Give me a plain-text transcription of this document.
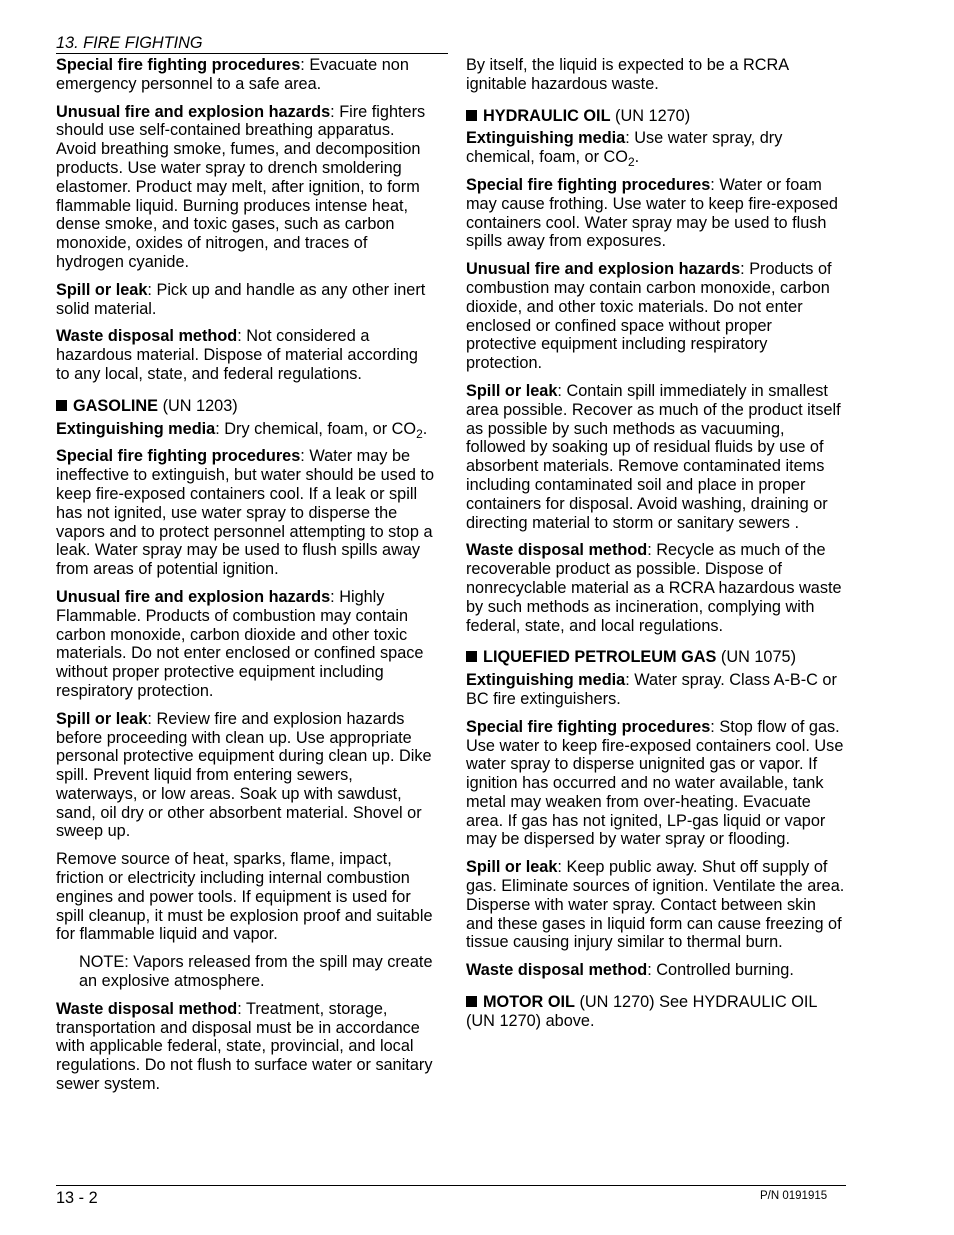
13. FIRE FIGHTING

Special fire fighting procedures: Evacuate non emergency personnel to a safe area.

Unusual fire and explosion hazards: Fire fighters should use self-contained breathing apparatus. Avoid breathing smoke, fumes, and decomposition products. Use water spray to drench smoldering elastomer. Product may melt, after ignition, to form flammable liquid. Burning produces intense heat, dense smoke, and toxic gases, such as carbon monoxide, oxides of nitrogen, and traces of hydrogen cyanide.

Spill or leak: Pick up and handle as any other inert solid material.

Waste disposal method: Not considered a hazardous material. Dispose of material according to any local, state, and federal regulations.

GASOLINE (UN 1203)

Extinguishing media: Dry chemical, foam, or $CO_2$.

Special fire fighting procedures: Water may be ineffective to extinguish, but water should be used to keep fire-exposed containers cool. If a leak or spill has not ignited, use water spray to disperse the vapors and to protect personnel attempting to stop a leak. Water spray may be used to flush spills away from areas of potential ignition.

Unusual fire and explosion hazards: Highly Flammable. Products of combustion may contain carbon monoxide, carbon dioxide and other toxic materials. Do not enter enclosed or confined space without proper protective equipment including respiratory protection.

Spill or leak: Review fire and explosion hazards before proceeding with clean up. Use appropriate personal protective equipment during clean up. Dike spill. Prevent liquid from entering sewers, waterways, or low areas. Soak up with sawdust, sand, oil dry or other absorbent material. Shovel or sweep up.

Remove source of heat, sparks, flame, impact, friction or electricity including internal combustion engines and power tools. If equipment is used for spill cleanup, it must be explosion proof and suitable for flammable liquid and vapor.

NOTE: Vapors released from the spill may create an explosive atmosphere.

Waste disposal method: Treatment, storage, transportation and disposal must be in accordance with applicable federal, state, provincial, and local regulations. Do not flush to surface water or sanitary sewer system.

By itself, the liquid is expected to be a RCRA ignitable hazardous waste.

HYDRAULIC OIL (UN 1270)

Extinguishing media: Use water spray, dry chemical, foam, or $CO_2$.

Special fire fighting procedures: Water or foam may cause frothing. Use water to keep fire-exposed containers cool. Water spray may be used to flush spills away from exposures.

Unusual fire and explosion hazards: Products of combustion may contain carbon monoxide, carbon dioxide, and other toxic materials. Do not enter enclosed or confined space without proper protective equipment including respiratory protection.

Spill or leak: Contain spill immediately in smallest area possible. Recover as much of the product itself as possible by such methods as vacuuming, followed by soaking up of residual fluids by use of absorbent materials. Remove contaminated items including contaminated soil and place in proper containers for disposal. Avoid washing, draining or directing material to storm or sanitary sewers .

Waste disposal method: Recycle as much of the recoverable product as possible. Dispose of nonrecyclable material as a RCRA hazardous waste by such methods as incineration, complying with federal, state, and local regulations.

LIQUEFIED PETROLEUM GAS (UN 1075)

Extinguishing media: Water spray. Class A-B-C or BC fire extinguishers.

Special fire fighting procedures: Stop flow of gas. Use water to keep fire-exposed containers cool. Use water spray to disperse unignited gas or vapor. If ignition has occurred and no water available, tank metal may weaken from over-heating. Evacuate area. If gas has not ignited, LP-gas liquid or vapor may be dispersed by water spray or flooding.

Spill or leak: Keep public away. Shut off supply of gas. Eliminate sources of ignition. Ventilate the area. Disperse with water spray. Contact between skin and these gases in liquid form can cause freezing of tissue causing injury similar to thermal burn.

Waste disposal method: Controlled burning.

MOTOR OIL (UN 1270) See HYDRAULIC OIL (UN 1270) above.

13 - 2	P/N 0191915
